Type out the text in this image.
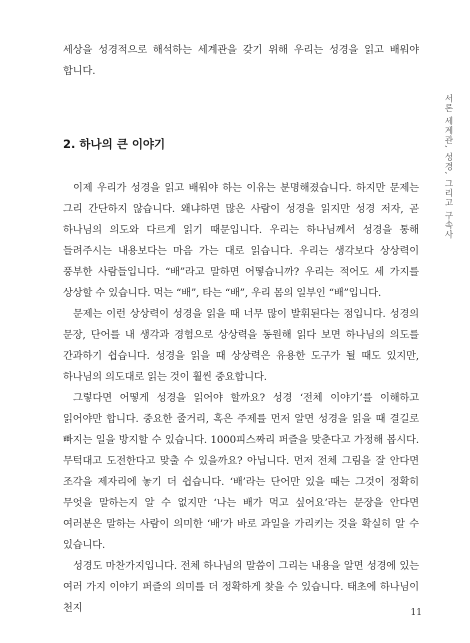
서론 세계관, 성경, 그리고 구속사

세상을 성경적으로 해석하는 세계관을 갖기 위해 우리는 성경을 읽고 배워야 합니다.

2. 하나의 큰 이야기

이제 우리가 성경을 읽고 배워야 하는 이유는 분명해졌습니다. 하지만 문제는 그리 간단하지 않습니다. 왜냐하면 많은 사람이 성경을 읽지만 성경 저자, 곧 하나님의 의도와 다르게 읽기 때문입니다. 우리는 하나님께서 성경을 통해 들려주시는 내용보다는 마음 가는 대로 읽습니다. 우리는 생각보다 상상력이 풍부한 사람들입니다. “배”라고 말하면 어떻습니까? 우리는 적어도 세 가지를 상상할 수 있습니다. 먹는 “배”, 타는 “배”, 우리 몸의 일부인 “배”입니다.

문제는 이런 상상력이 성경을 읽을 때 너무 많이 발휘된다는 점입니다. 성경의 문장, 단어를 내 생각과 경험으로 상상력을 동원해 읽다 보면 하나님의 의도를 간과하기 쉽습니다. 성경을 읽을 때 상상력은 유용한 도구가 될 때도 있지만, 하나님의 의도대로 읽는 것이 훨씬 중요합니다.

그렇다면 어떻게 성경을 읽어야 할까요? 성경 ‘전체 이야기’를 이해하고 읽어야만 합니다. 중요한 줄거리, 혹은 주제를 먼저 알면 성경을 읽을 때 결길로 빠지는 일을 방지할 수 있습니다. 1000피스짜리 퍼즐을 맞춘다고 가정해 봅시다. 무턱대고 도전한다고 맞출 수 있을까요? 아닙니다. 먼저 전체 그림을 잘 안다면 조각을 제자리에 놓기 더 쉽습니다. ‘배’라는 단어만 있을 때는 그것이 정확히 무엇을 말하는지 알 수 없지만 ‘나는 배가 먹고 싶어요’라는 문장을 안다면 여러분은 말하는 사람이 의미한 ‘배’가 바로 과일을 가리키는 것을 확실히 알 수 있습니다.

성경도 마찬가지입니다. 전체 하나님의 말씀이 그리는 내용을 알면 성경에 있는 여러 가지 이야기 퍼즐의 의미를 더 정확하게 찾을 수 있습니다. 태초에 하나님이 천지	11
